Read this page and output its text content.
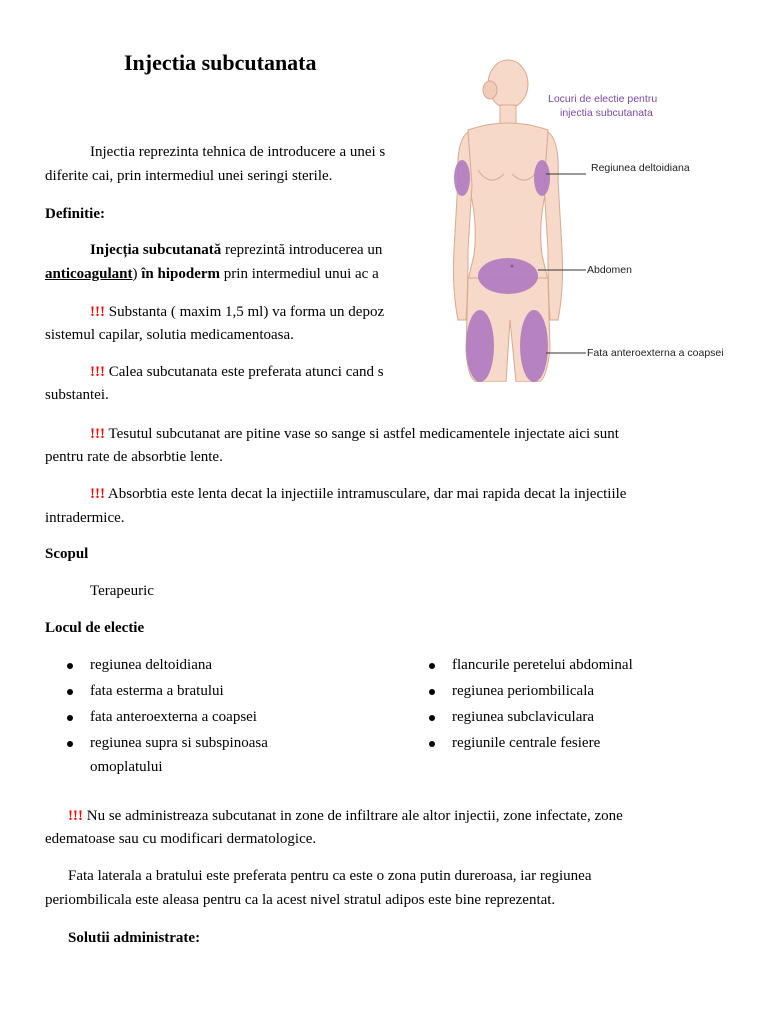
Injectia subcutanata
Locuri de electie pentru
injectia subcutanata
Regiunea deltoidiana
Abdomen
Fata anteroexterna a coapsei
Injectia reprezinta tehnica de introducere a unei s
diferite cai, prin intermediul unei seringi sterile.
Definitie:
Injecția subcutanată reprezintă introducerea un
anticoagulant) în hipoderm prin intermediul unui ac a
!!! Substanta ( maxim 1,5 ml) va forma un depoz
sistemul capilar, solutia medicamentoasa.
!!! Calea subcutanata este preferata atunci cand s
substantei.
!!! Tesutul subcutanat are pitine vase so sange si astfel medicamentele injectate aici sunt
pentru rate de absorbtie lente.
!!! Absorbtia este lenta decat la injectiile intramusculare, dar mai rapida decat la injectiile
intradermice.
Scopul
Terapeuric
Locul de electie
regiunea deltoidiana
fata esterma a bratului
fata anteroexterna a coapsei
regiunea supra si subspinoasa
omoplatului
flancurile peretelui abdominal
regiunea periombilicala
regiunea subclaviculara
regiunile centrale fesiere
!!! Nu se administreaza subcutanat in zone de infiltrare ale altor injectii, zone infectate, zone
edematoase sau cu modificari dermatologice.
Fata laterala a bratului este preferata pentru ca este o zona putin dureroasa, iar regiunea
periombilicala este aleasa pentru ca la acest nivel stratul adipos este bine reprezentat.
Solutii administrate:
